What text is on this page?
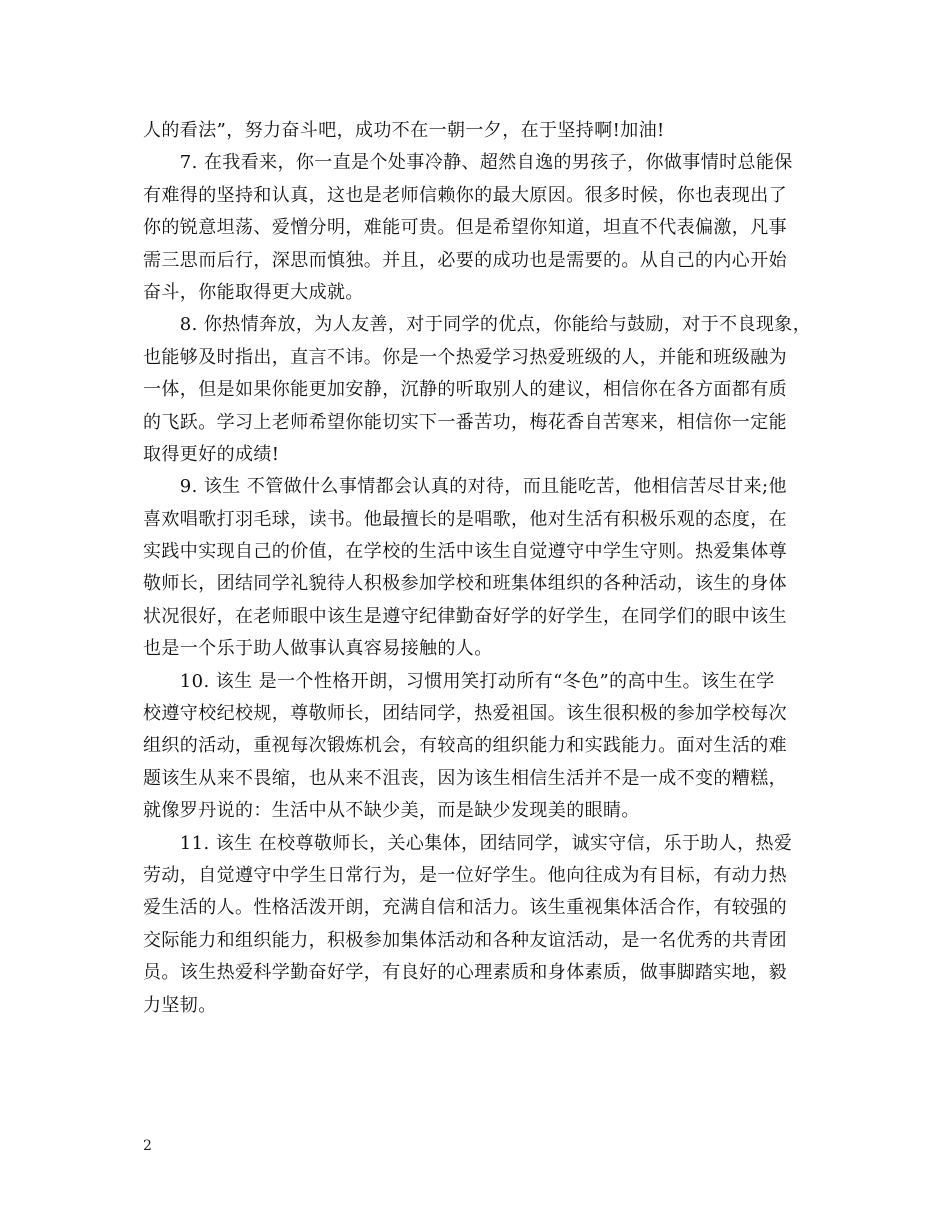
人的看法”，努力奋斗吧，成功不在一朝一夕，在于坚持啊!加油!

　　7. 在我看来，你一直是个处事冷静、超然自逸的男孩子，你做事情时总能保

有难得的坚持和认真，这也是老师信赖你的最大原因。很多时候，你也表现出了

你的锐意坦荡、爱憎分明，难能可贵。但是希望你知道，坦直不代表偏激，凡事

需三思而后行，深思而慎独。并且，必要的成功也是需要的。从自己的内心开始

奋斗，你能取得更大成就。

　　8. 你热情奔放，为人友善，对于同学的优点，你能给与鼓励，对于不良现象，

也能够及时指出，直言不讳。你是一个热爱学习热爱班级的人，并能和班级融为

一体，但是如果你能更加安静，沉静的听取别人的建议，相信你在各方面都有质

的飞跃。学习上老师希望你能切实下一番苦功，梅花香自苦寒来，相信你一定能

取得更好的成绩!

　　9. 该生 不管做什么事情都会认真的对待，而且能吃苦，他相信苦尽甘来;他

喜欢唱歌打羽毛球，读书。他最擅长的是唱歌，他对生活有积极乐观的态度，在

实践中实现自己的价值，在学校的生活中该生自觉遵守中学生守则。热爱集体尊

敬师长，团结同学礼貌待人积极参加学校和班集体组织的各种活动，该生的身体

状况很好，在老师眼中该生是遵守纪律勤奋好学的好学生，在同学们的眼中该生

也是一个乐于助人做事认真容易接触的人。

　　10. 该生 是一个性格开朗，习惯用笑打动所有“冬色”的高中生。该生在学

校遵守校纪校规，尊敬师长，团结同学，热爱祖国。该生很积极的参加学校每次

组织的活动，重视每次锻炼机会，有较高的组织能力和实践能力。面对生活的难

题该生从来不畏缩，也从来不沮丧，因为该生相信生活并不是一成不变的糟糕，

就像罗丹说的：生活中从不缺少美，而是缺少发现美的眼睛。

　　11. 该生 在校尊敬师长，关心集体，团结同学，诚实守信，乐于助人，热爱

劳动，自觉遵守中学生日常行为，是一位好学生。他向往成为有目标，有动力热

爱生活的人。性格活泼开朗，充满自信和活力。该生重视集体活合作，有较强的

交际能力和组织能力，积极参加集体活动和各种友谊活动，是一名优秀的共青团

员。该生热爱科学勤奋好学，有良好的心理素质和身体素质，做事脚踏实地，毅

力坚韧。

2
